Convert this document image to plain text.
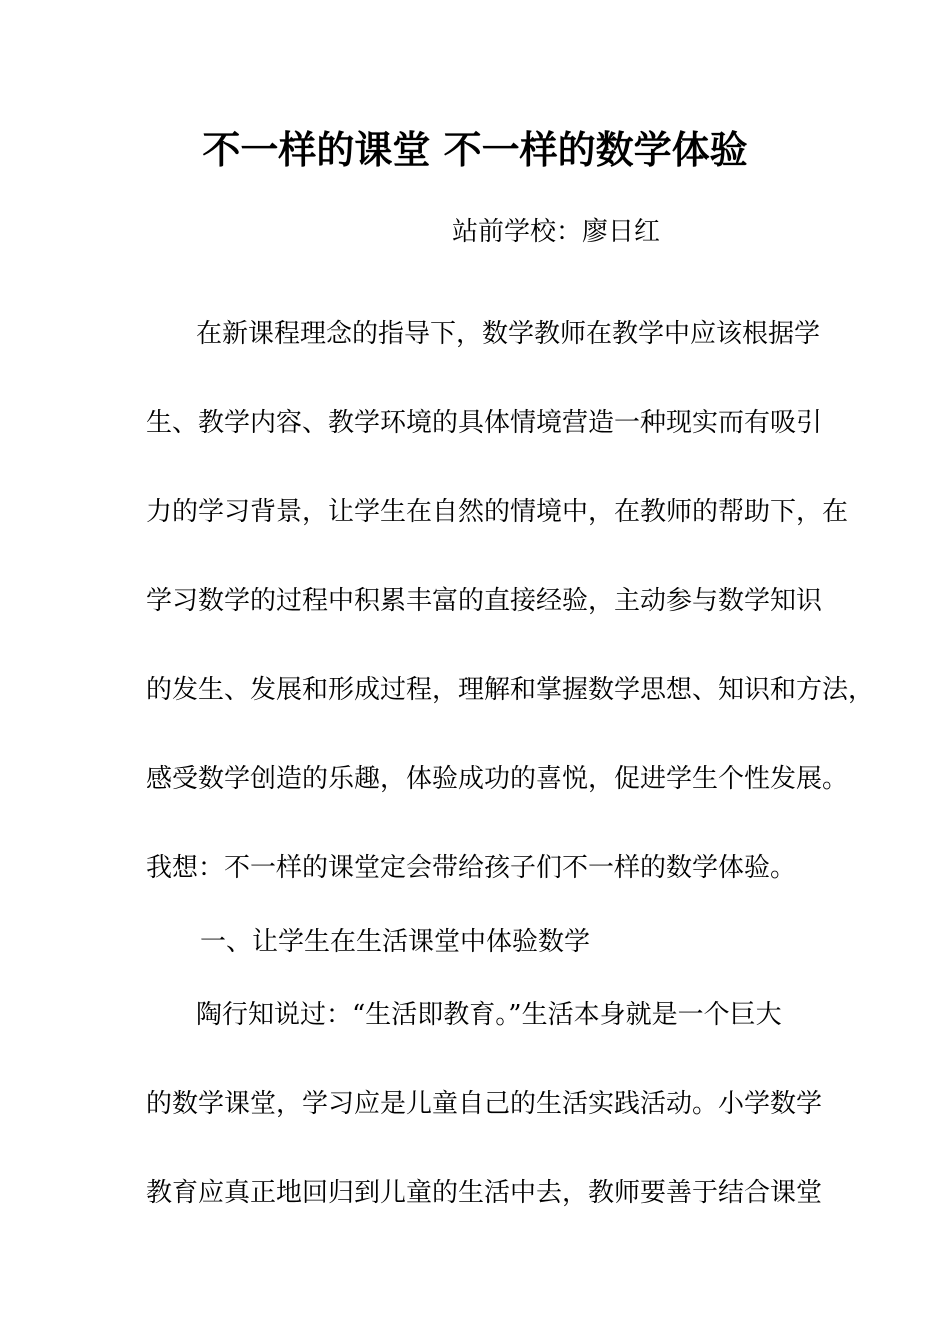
不一样的课堂 不一样的数学体验

站前学校：廖日红

在新课程理念的指导下，数学教师在教学中应该根据学

生、教学内容、教学环境的具体情境营造一种现实而有吸引

力的学习背景，让学生在自然的情境中，在教师的帮助下，在

学习数学的过程中积累丰富的直接经验，主动参与数学知识

的发生、发展和形成过程，理解和掌握数学思想、知识和方法，

感受数学创造的乐趣，体验成功的喜悦，促进学生个性发展。

我想：不一样的课堂定会带给孩子们不一样的数学体验。

一、让学生在生活课堂中体验数学

陶行知说过：“生活即教育。”生活本身就是一个巨大

的数学课堂，学习应是儿童自己的生活实践活动。小学数学

教育应真正地回归到儿童的生活中去，教师要善于结合课堂
